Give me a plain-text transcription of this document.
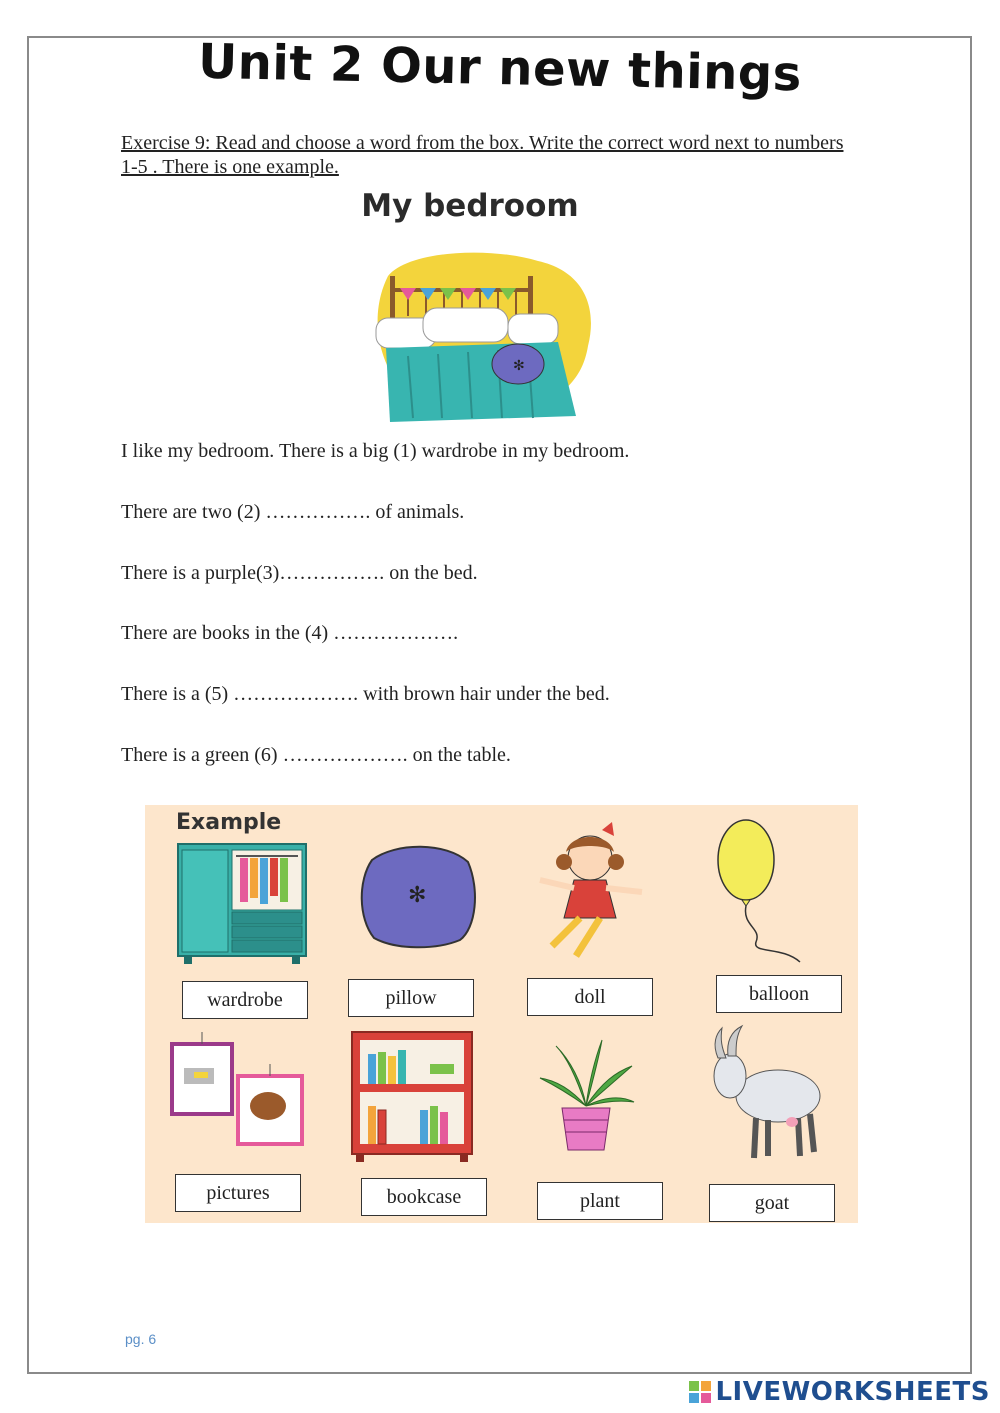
Unit 2 Our new things
Exercise 9: Read and choose a word from the box. Write the correct word next to numbers 1-5 . There is one example.
My bedroom
✻
I like my bedroom. There is a big (1) wardrobe in my bedroom.
There are two (2) ……………. of animals.
There is a purple(3)……………. on the bed.
There are books in the (4) ……………….
There is a (5) ………………. with brown hair under the bed.
There is a green (6) ………………. on the table.
Example
✻
wardrobe	pillow	doll	balloon
pictures	bookcase	plant	goat
pg. 6
LIVEWORKSHEETS
